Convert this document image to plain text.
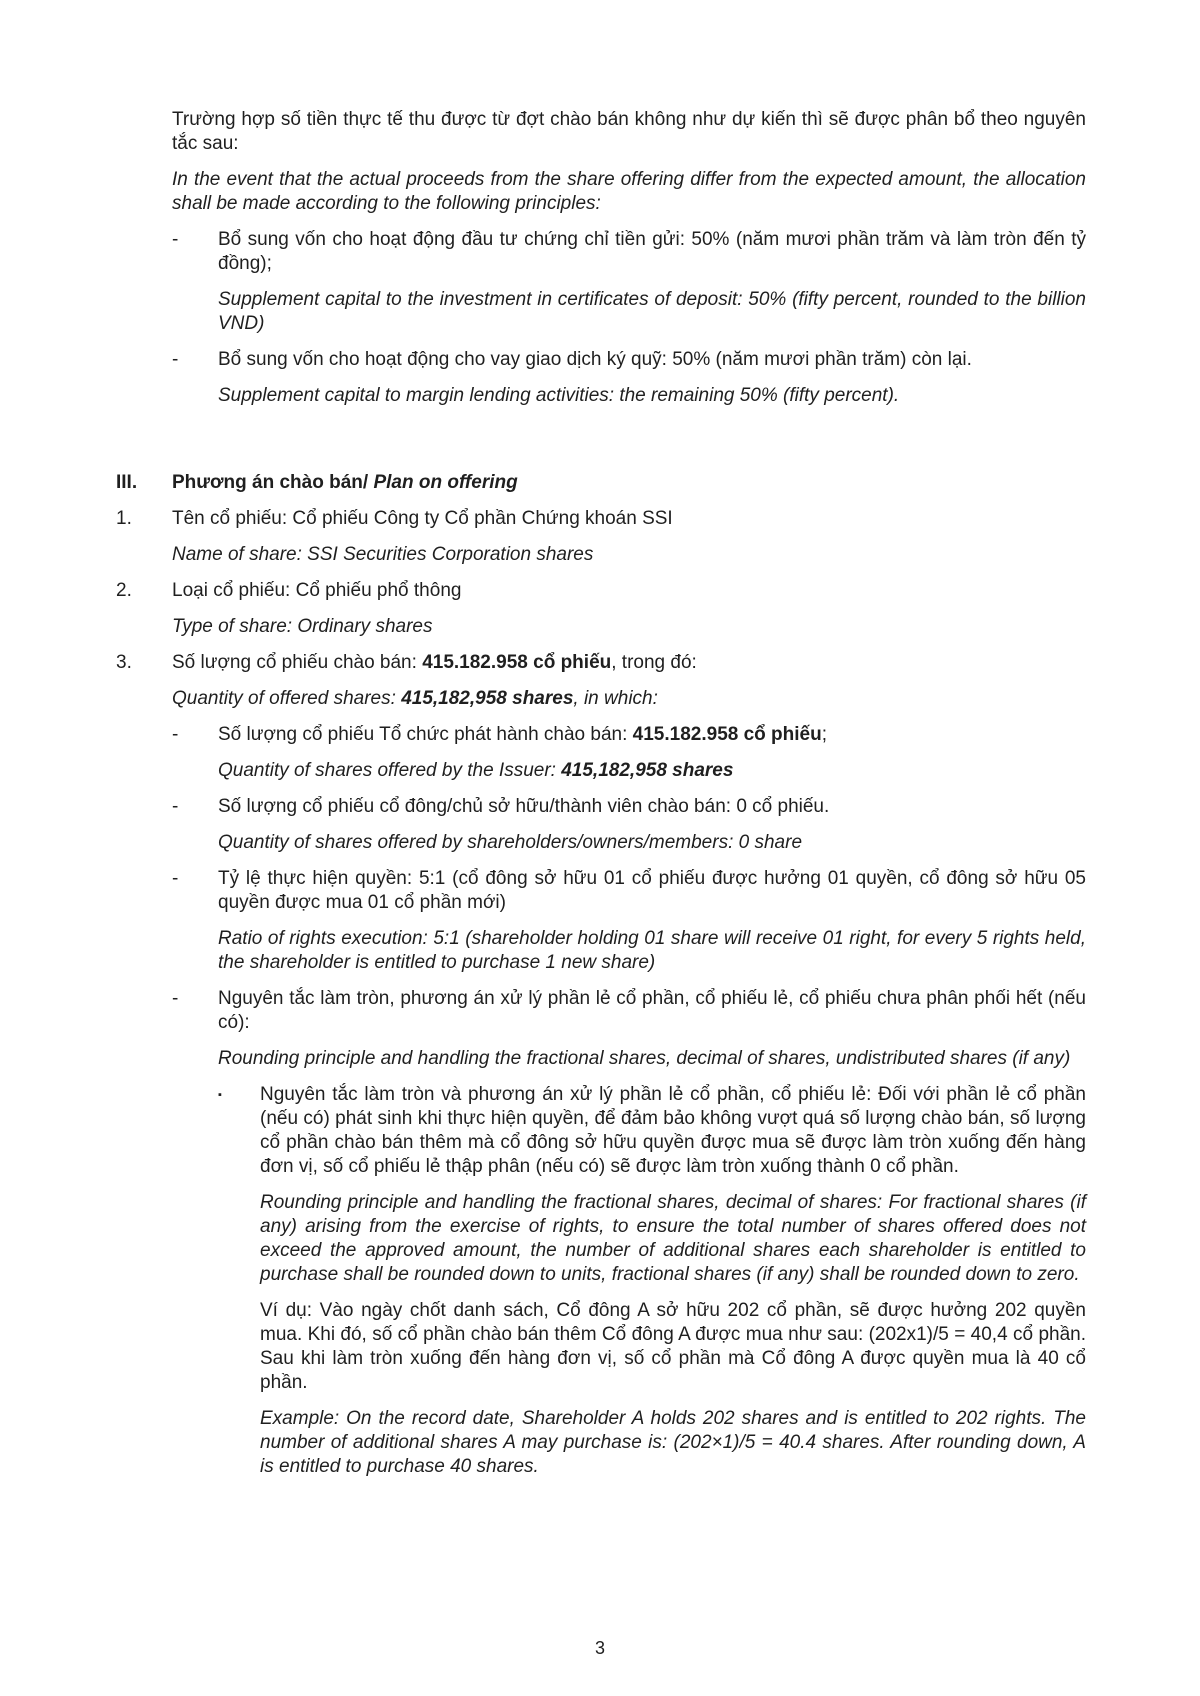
Trường hợp số tiền thực tế thu được từ đợt chào bán không như dự kiến thì sẽ được phân bổ theo nguyên tắc sau:

In the event that the actual proceeds from the share offering differ from the expected amount, the allocation shall be made according to the following principles:

- Bổ sung vốn cho hoạt động đầu tư chứng chỉ tiền gửi: 50% (năm mươi phần trăm và làm tròn đến tỷ đồng);

Supplement capital to the investment in certificates of deposit: 50% (fifty percent, rounded to the billion VND)

- Bổ sung vốn cho hoạt động cho vay giao dịch ký quỹ: 50% (năm mươi phần trăm) còn lại.

Supplement capital to margin lending activities: the remaining 50% (fifty percent).

III. Phương án chào bán/ Plan on offering
1. Tên cổ phiếu: Cổ phiếu Công ty Cổ phần Chứng khoán SSI

Name of share: SSI Securities Corporation shares

2. Loại cổ phiếu: Cổ phiếu phổ thông

Type of share: Ordinary shares

3. Số lượng cổ phiếu chào bán: 415.182.958 cổ phiếu, trong đó:

Quantity of offered shares: 415,182,958 shares, in which:

- Số lượng cổ phiếu Tổ chức phát hành chào bán: 415.182.958 cổ phiếu;

Quantity of shares offered by the Issuer: 415,182,958 shares

- Số lượng cổ phiếu cổ đông/chủ sở hữu/thành viên chào bán: 0 cổ phiếu.

Quantity of shares offered by shareholders/owners/members: 0 share

- Tỷ lệ thực hiện quyền: 5:1 (cổ đông sở hữu 01 cổ phiếu được hưởng 01 quyền, cổ đông sở hữu 05 quyền được mua 01 cổ phần mới)

Ratio of rights execution: 5:1 (shareholder holding 01 share will receive 01 right, for every 5 rights held, the shareholder is entitled to purchase 1 new share)

- Nguyên tắc làm tròn, phương án xử lý phần lẻ cổ phần, cổ phiếu lẻ, cổ phiếu chưa phân phối hết (nếu có):

Rounding principle and handling the fractional shares, decimal of shares, undistributed shares (if any)

▪ Nguyên tắc làm tròn và phương án xử lý phần lẻ cổ phần, cổ phiếu lẻ: Đối với phần lẻ cổ phần (nếu có) phát sinh khi thực hiện quyền, để đảm bảo không vượt quá số lượng chào bán, số lượng cổ phần chào bán thêm mà cổ đông sở hữu quyền được mua sẽ được làm tròn xuống đến hàng đơn vị, số cổ phiếu lẻ thập phân (nếu có) sẽ được làm tròn xuống thành 0 cổ phần.

Rounding principle and handling the fractional shares, decimal of shares: For fractional shares (if any) arising from the exercise of rights, to ensure the total number of shares offered does not exceed the approved amount, the number of additional shares each shareholder is entitled to purchase shall be rounded down to units, fractional shares (if any) shall be rounded down to zero.

Ví dụ: Vào ngày chốt danh sách, Cổ đông A sở hữu 202 cổ phần, sẽ được hưởng 202 quyền mua. Khi đó, số cổ phần chào bán thêm Cổ đông A được mua như sau: (202x1)/5 = 40,4 cổ phần. Sau khi làm tròn xuống đến hàng đơn vị, số cổ phần mà Cổ đông A được quyền mua là 40 cổ phần.

Example: On the record date, Shareholder A holds 202 shares and is entitled to 202 rights. The number of additional shares A may purchase is: (202×1)/5 = 40.4 shares. After rounding down, A is entitled to purchase 40 shares.

3
